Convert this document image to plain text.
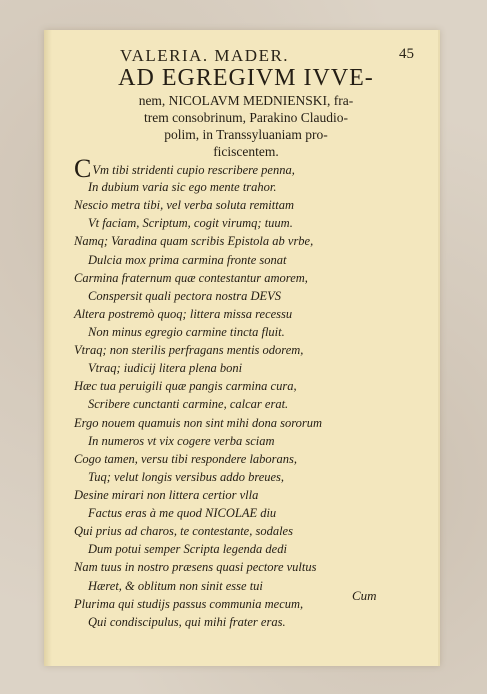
VALERIA. MADER.	45
AD EGREGIVM IVVE-
nem, NICOLAVM MEDNIENSKI, fra-
trem consobrinum, Parakino Claudio-
polim, in Transsyluaniam pro-
ficiscentem.
CVm tibi stridenti cupio rescribere penna,
In dubium varia sic ego mente trahor.
Nescio metra tibi, vel verba soluta remittam
Vt faciam, Scriptum, cogit virumq; tuum.
Namq; Varadina quam scribis Epistola ab vrbe,
Dulcia mox prima carmina fronte sonat
Carmina fraternum quæ contestantur amorem,
Conspersit quali pectora nostra DEVS
Altera postremò quoq; littera missa recessu
Non minus egregio carmine tincta fluit.
Vtraq; non sterilis perfragans mentis odorem,
Vtraq; iudicij litera plena boni
Hæc tua peruigili quæ pangis carmina cura,
Scribere cunctanti carmine, calcar erat.
Ergo nouem quamuis non sint mihi dona sororum
In numeros vt vix cogere verba sciam
Cogo tamen, versu tibi respondere laborans,
Tuq; velut longis versibus addo breues,
Desine mirari non littera certior vlla
Factus eras à me quod NICOLAE diu
Qui prius ad charos, te contestante, sodales
Dum potui semper Scripta legenda dedi
Nam tuus in nostro præsens quasi pectore vultus
Hæret, & oblitum non sinit esse tui
Plurima qui studijs passus communia mecum,
Qui condiscipulus, qui mihi frater eras.
Cum
